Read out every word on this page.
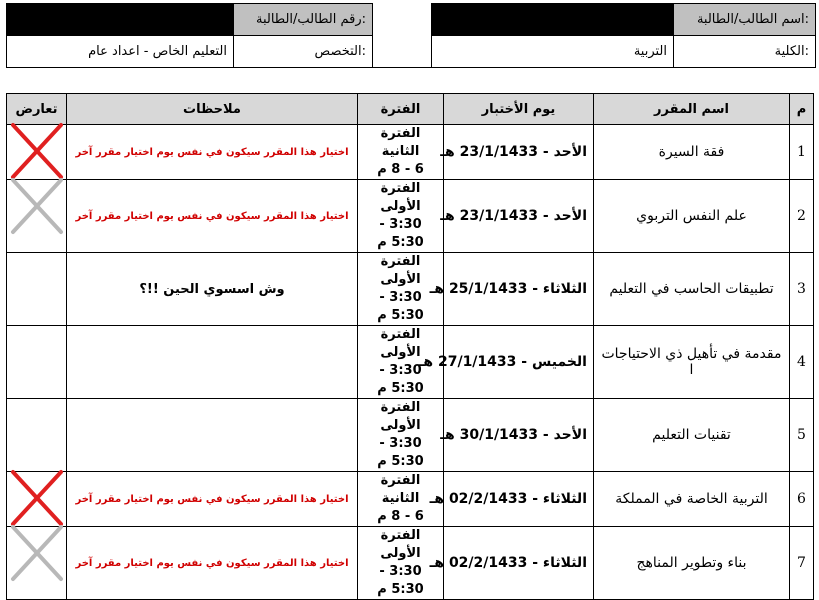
	رقم الطالب/الطالبة:			اسم الطالب/الطالبة:
التعليم الخاص - اعداد عام	التخصص:		التربية	الكلية:
تعارض	ملاحظات	الفترة	يوم الأختبار	اسم المقرر	م

	اختيار هذا المقرر سيكون في نفس يوم اختيار مقرر آخر	الفترة الثانية
6 - 8 م	الأحد - 23/1/1433 هـ	فقة السيرة	1

	اختيار هذا المقرر سيكون في نفس يوم اختيار مقرر آخر	الفترة الأولى
3:30 - 5:30 م	الأحد - 23/1/1433 هـ	علم النفس التربوي	2
	وش اسسوي الحين !!؟	الفترة الأولى
3:30 - 5:30 م	الثلاثاء - 25/1/1433 هـ	تطبيقات الحاسب في التعليم	3

		الفترة الأولى
3:30 - 5:30 م	الخميس - 27/1/1433 هـ	مقدمة في تأهيل ذي الاحتياجات ا	4

		الفترة الأولى
3:30 - 5:30 م	الأحد - 30/1/1433 هـ	تقنيات التعليم	5

	اختيار هذا المقرر سيكون في نفس يوم اختيار مقرر آخر	الفترة الثانية
6 - 8 م	الثلاثاء - 02/2/1433 هـ	التربية الخاصة في المملكة	6

	اختيار هذا المقرر سيكون في نفس يوم اختيار مقرر آخر	الفترة الأولى
3:30 - 5:30 م	الثلاثاء - 02/2/1433 هـ	بناء وتطوير المناهج	7
